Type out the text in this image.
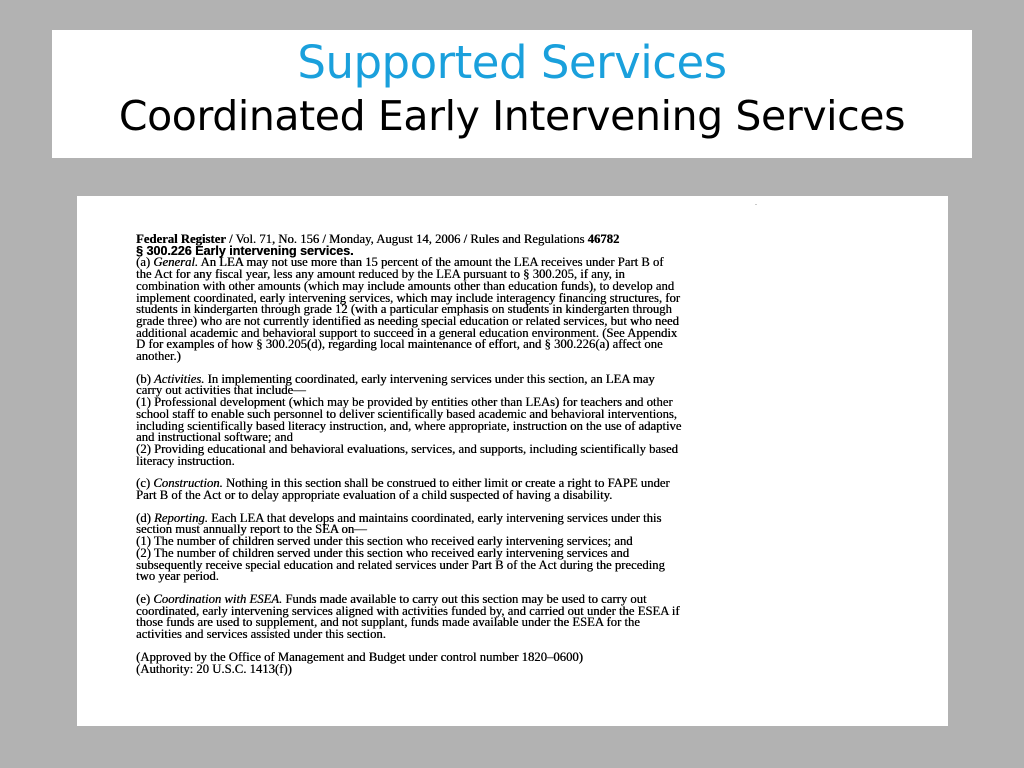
Supported Services
Coordinated Early Intervening Services
.

Federal Register / Vol. 71, No. 156 / Monday, August 14, 2006 / Rules and Regulations 46782

§ 300.226 Early intervening services.

(a) General. An LEA may not use more than 15 percent of the amount the LEA receives under Part B of

the Act for any fiscal year, less any amount reduced by the LEA pursuant to § 300.205, if any, in

combination with other amounts (which may include amounts other than education funds), to develop and

implement coordinated, early intervening services, which may include interagency financing structures, for

students in kindergarten through grade 12 (with a particular emphasis on students in kindergarten through

grade three) who are not currently identified as needing special education or related services, but who need

additional academic and behavioral support to succeed in a general education environment. (See Appendix

D for examples of how § 300.205(d), regarding local maintenance of effort, and § 300.226(a) affect one

another.)

(b) Activities. In implementing coordinated, early intervening services under this section, an LEA may

carry out activities that include—

(1) Professional development (which may be provided by entities other than LEAs) for teachers and other

school staff to enable such personnel to deliver scientifically based academic and behavioral interventions,

including scientifically based literacy instruction, and, where appropriate, instruction on the use of adaptive

and instructional software; and

(2) Providing educational and behavioral evaluations, services, and supports, including scientifically based

literacy instruction.

(c) Construction. Nothing in this section shall be construed to either limit or create a right to FAPE under

Part B of the Act or to delay appropriate evaluation of a child suspected of having a disability.

(d) Reporting. Each LEA that develops and maintains coordinated, early intervening services under this

section must annually report to the SEA on—

(1) The number of children served under this section who received early intervening services; and

(2) The number of children served under this section who received early intervening services and

subsequently receive special education and related services under Part B of the Act during the preceding

two year period.

(e) Coordination with ESEA. Funds made available to carry out this section may be used to carry out

coordinated, early intervening services aligned with activities funded by, and carried out under the ESEA if

those funds are used to supplement, and not supplant, funds made available under the ESEA for the

activities and services assisted under this section.

(Approved by the Office of Management and Budget under control number 1820–0600)

(Authority: 20 U.S.C. 1413(f))
